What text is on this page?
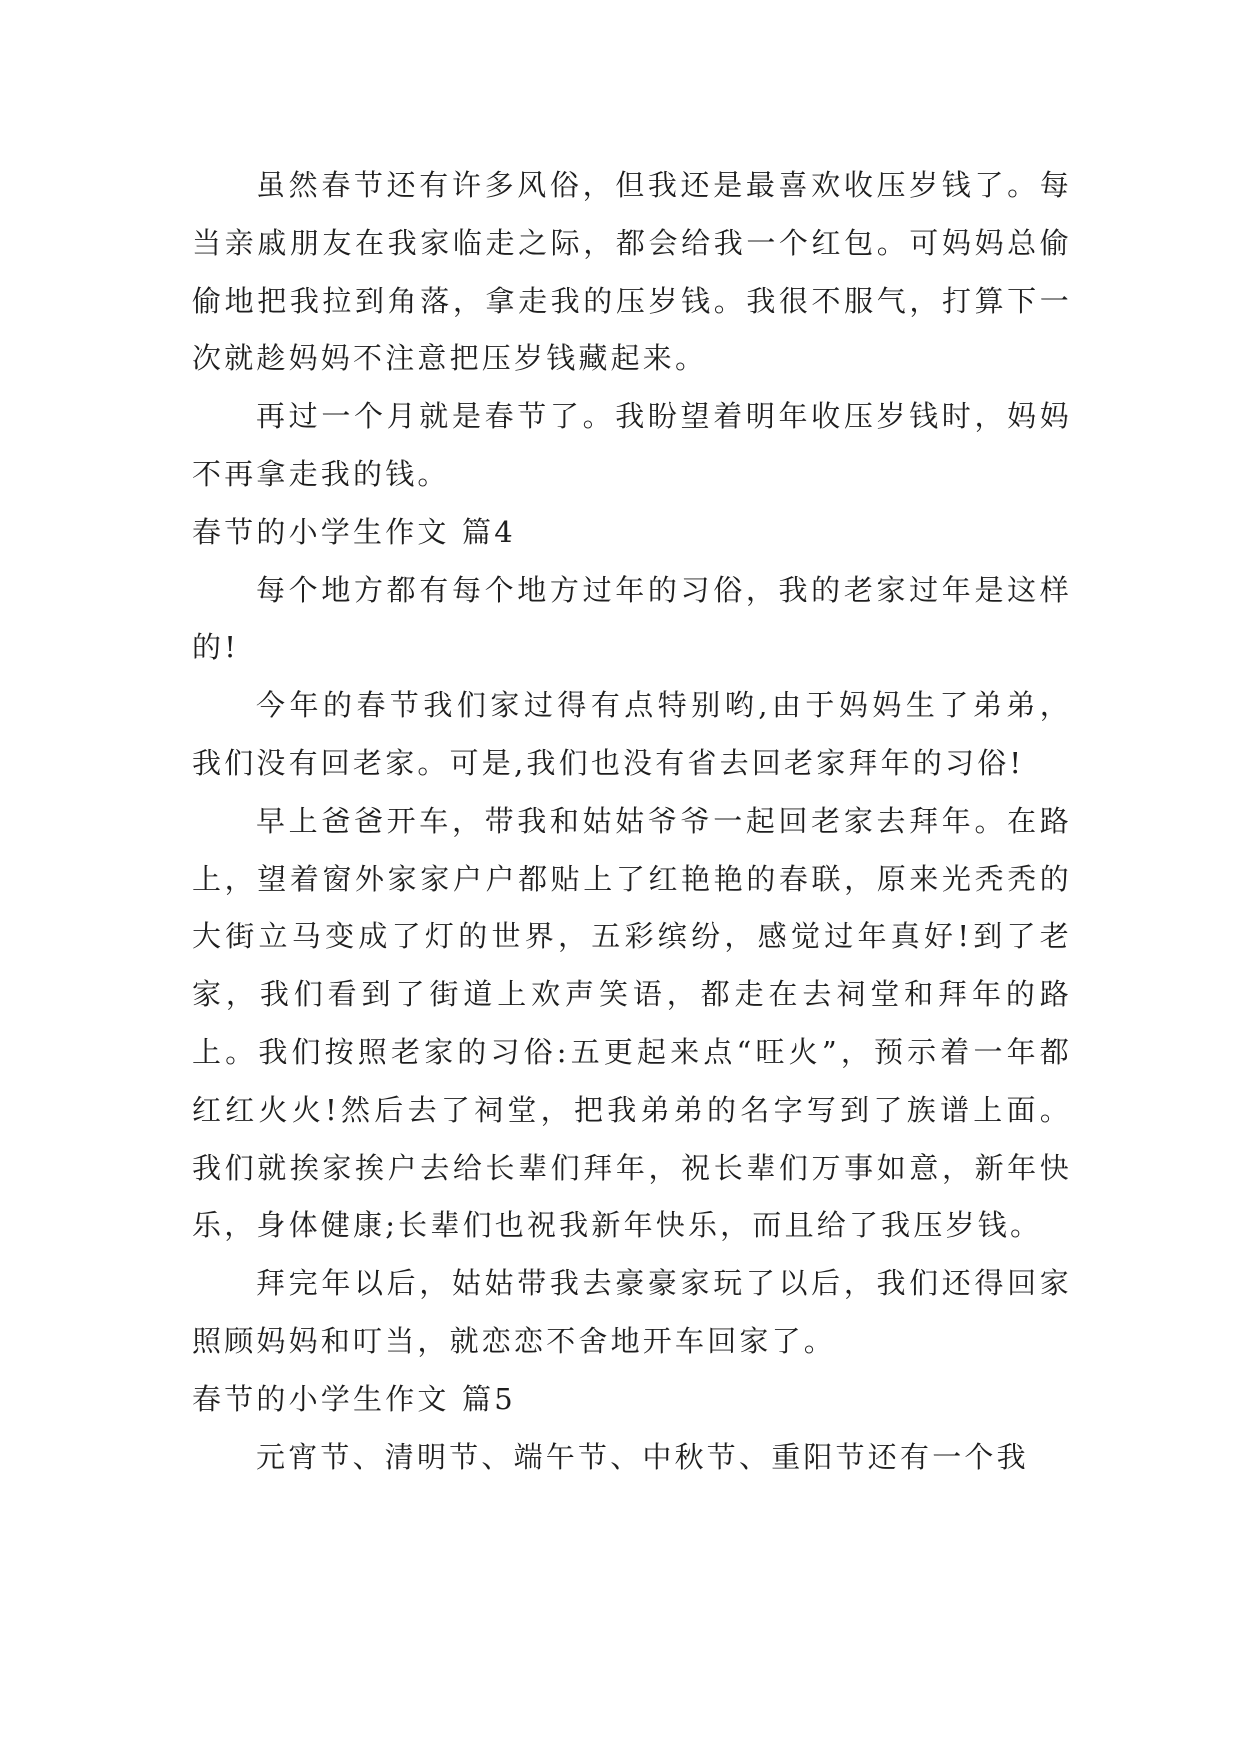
虽然春节还有许多风俗，但我还是最喜欢收压岁钱了。每当亲戚朋友在我家临走之际，都会给我一个红包。可妈妈总偷偷地把我拉到角落，拿走我的压岁钱。我很不服气，打算下一次就趁妈妈不注意把压岁钱藏起来。

再过一个月就是春节了。我盼望着明年收压岁钱时，妈妈不再拿走我的钱。

春节的小学生作文 篇4

每个地方都有每个地方过年的习俗，我的老家过年是这样的!

今年的春节我们家过得有点特别哟,由于妈妈生了弟弟，我们没有回老家。可是,我们也没有省去回老家拜年的习俗!

早上爸爸开车，带我和姑姑爷爷一起回老家去拜年。在路上，望着窗外家家户户都贴上了红艳艳的春联，原来光秃秃的大街立马变成了灯的世界，五彩缤纷，感觉过年真好!到了老家，我们看到了街道上欢声笑语，都走在去祠堂和拜年的路上。我们按照老家的习俗:五更起来点“旺火”，预示着一年都红红火火!然后去了祠堂，把我弟弟的名字写到了族谱上面。我们就挨家挨户去给长辈们拜年，祝长辈们万事如意，新年快乐，身体健康;长辈们也祝我新年快乐，而且给了我压岁钱。

拜完年以后，姑姑带我去豪豪家玩了以后，我们还得回家照顾妈妈和叮当，就恋恋不舍地开车回家了。

春节的小学生作文 篇5

元宵节、清明节、端午节、中秋节、重阳节还有一个我
